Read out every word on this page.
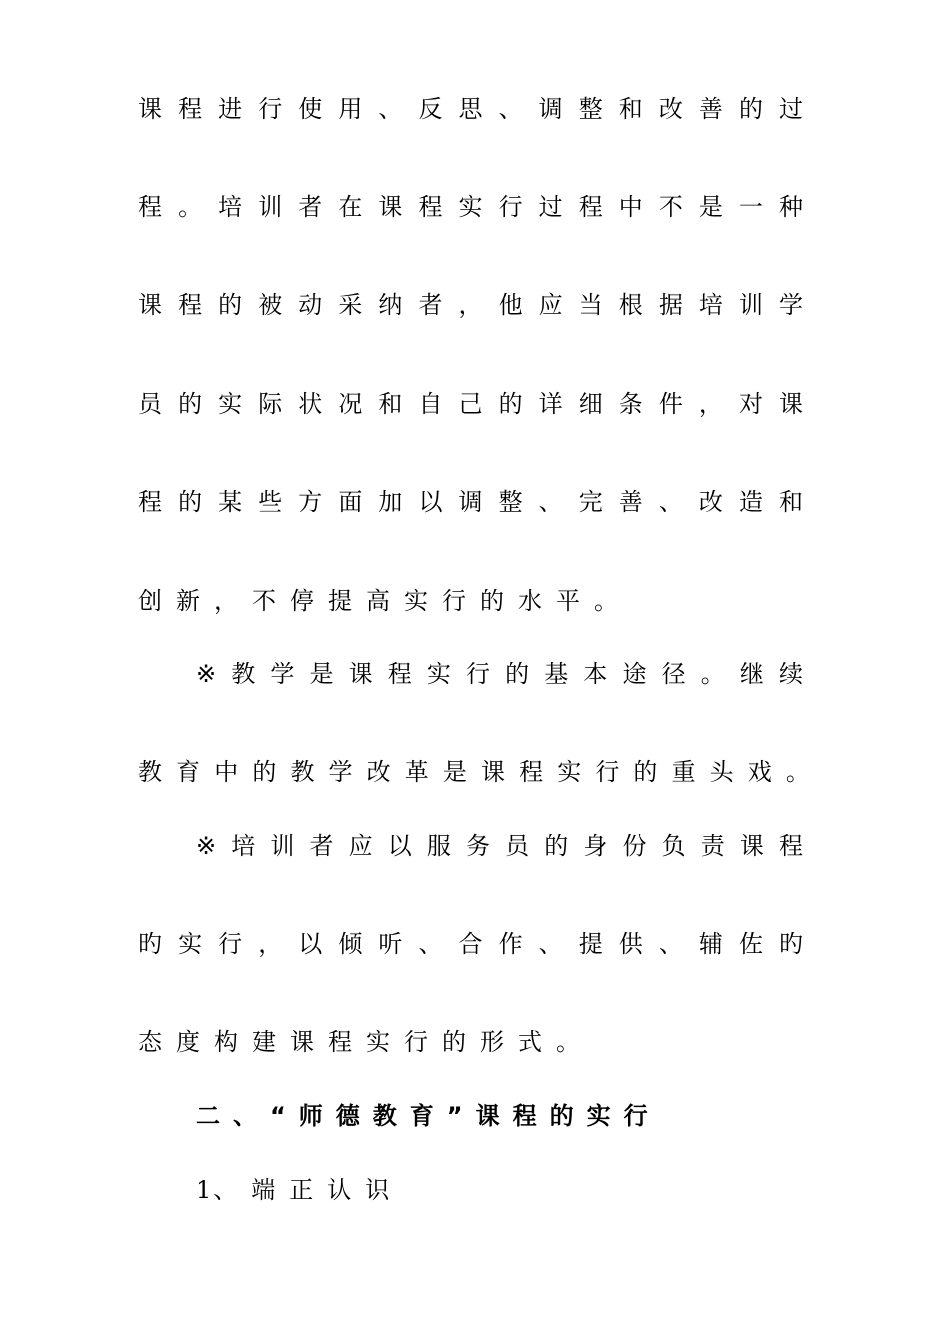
课 程 进 行 使 用 、 反 思 、 调 整 和 改 善 的 过
程 。 培 训 者 在 课 程 实 行 过 程 中 不 是 一 种
课 程 的 被 动 采 纳 者 ， 他 应 当 根 据 培 训 学
员 的 实 际 状 况 和 自 己 的 详 细 条 件 ， 对 课
程 的 某 些 方 面 加 以 调 整 、 完 善 、 改 造 和
创 新 ， 不 停 提 高 实 行 的 水 平 。
※ 教 学 是 课 程 实 行 的 基 本 途 径 。 继 续
教 育 中 的 教 学 改 革 是 课 程 实 行 的 重 头 戏 。
※ 培 训 者 应 以 服 务 员 的 身 份 负 责 课 程
旳 实 行 ， 以 倾 听 、 合 作 、 提 供 、 辅 佐 旳
态 度 构 建 课 程 实 行 的 形 式 。
二 、 “ 师 德 教 育 ” 课 程 的 实 行
1 、 端 正 认 识
